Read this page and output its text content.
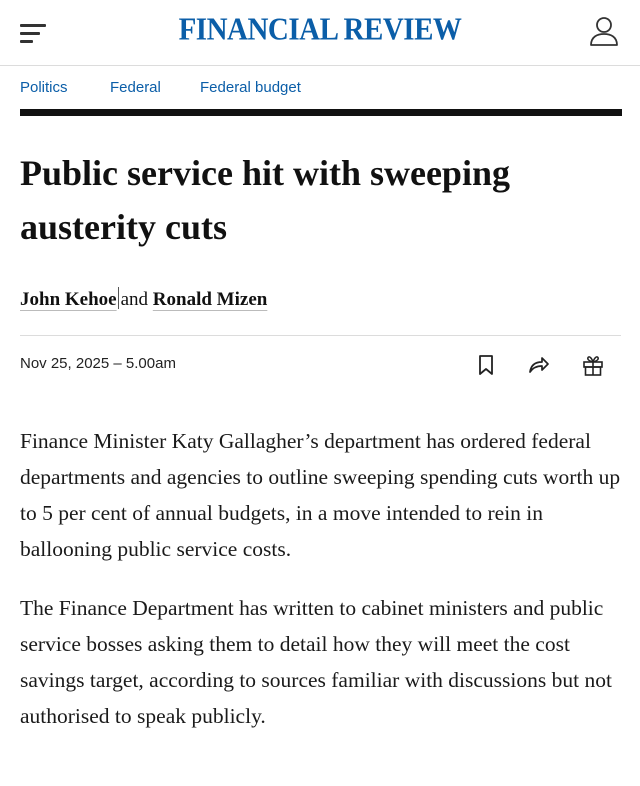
FINANCIAL REVIEW
Politics	Federal	Federal budget
Public service hit with sweeping austerity cuts
John Kehoe and Ronald Mizen
Nov 25, 2025 – 5.00am

Finance Minister Katy Gallagher’s department has ordered federal departments and agencies to outline sweeping spending cuts worth up to 5 per cent of annual budgets, in a move intended to rein in ballooning public service costs.

The Finance Department has written to cabinet ministers and public service bosses asking them to detail how they will meet the cost savings target, according to sources familiar with discussions but not authorised to speak publicly.
